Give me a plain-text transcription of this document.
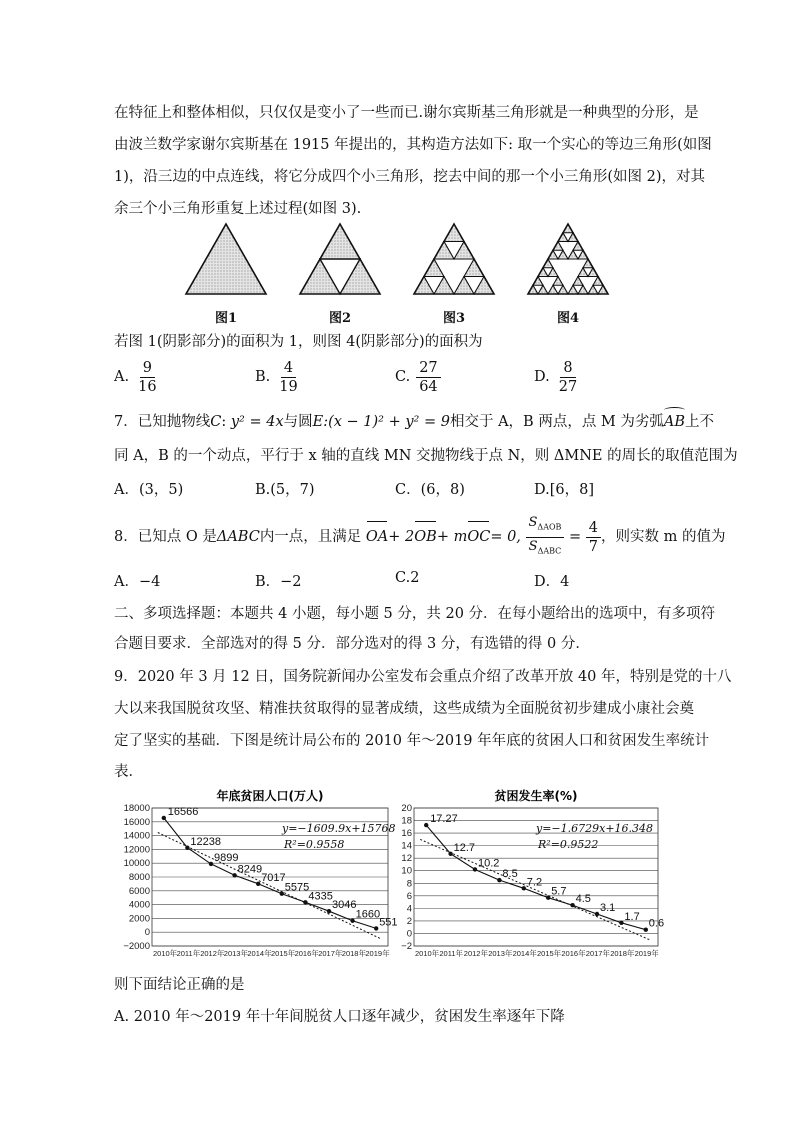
在特征上和整体相似，只仅仅是变小了一些而已.谢尔宾斯基三角形就是一种典型的分形，是
由波兰数学家谢尔宾斯基在 1915 年提出的，其构造方法如下: 取一个实心的等边三角形(如图
1)，沿三边的中点连线，将它分成四个小三角形，挖去中间的那一个小三角形(如图 2)，对其
余三个小三角形重复上述过程(如图 3).
图1	图2	图3	图4
若图 1(阴影部分)的面积为 1，则图 4(阴影部分)的面积为
A. $\frac{9}{16}$	B. $\frac{4}{19}$	C. $\frac{27}{64}$	D. $\frac{8}{27}$
7．已知抛物线C: y² = 4x与圆E:(x − 1)² + y² = 9相交于 A，B 两点，点 M 为劣弧
AB上不
同 A，B 的一个动点，平行于 x 轴的直线 MN 交抛物线于点 N，则 ΔMNE 的周长的取值范围为
A．(3，5)	B.(5，7)	C．(6，8)	D.[6，8]
8．已知点 O 是ΔABC内一点，且满足 OA+ 2OB+ mOC= 0, $\frac{S_{\Delta AOB}}{S_{\Delta ABC}} = \frac{4}{7}$ ，则实数 m 的值为
A．−4	B．−2	C.2	D．4
二、多项选择题：本题共 4 小题，每小题 5 分，共 20 分．在每小题给出的选项中，有多项符
合题目要求．全部选对的得 5 分．部分选对的得 3 分，有选错的得 0 分．
9．2020 年 3 月 12 日，国务院新闻办公室发布会重点介绍了改革开放 40 年，特别是党的十八
大以来我国脱贫攻坚、精准扶贫取得的显著成绩，这些成绩为全面脱贫初步建成小康社会奠
定了坚实的基础．下图是统计局公布的 2010 年～2019 年年底的贫困人口和贫困发生率统计
表．
年底贫困人口(万人)
18000
16000
14000
12000
10000
8000
6000
4000
2000
0
−2000
2010年 2011年 2012年 2013年 2014年 2015年 2016年 2017年 2018年 2019年
16566
12238
9899
8249
7017
5575
4335
3046
1660
551
y=−1609.9x+15768
R²=0.9558
贫困发生率(%)
20
18
16
14
12
10
8
6
4
2
0
−2
2010年 2011年 2012年 2013年 2014年 2015年 2016年 2017年 2018年 2019年
17.27
12.7
10.2
8.5
7.2
5.7
4.5
3.1
1.7
0.6
y=−1.6729x+16.348
R²=0.9522
则下面结论正确的是
A. 2010 年～2019 年十年间脱贫人口逐年减少，贫困发生率逐年下降
